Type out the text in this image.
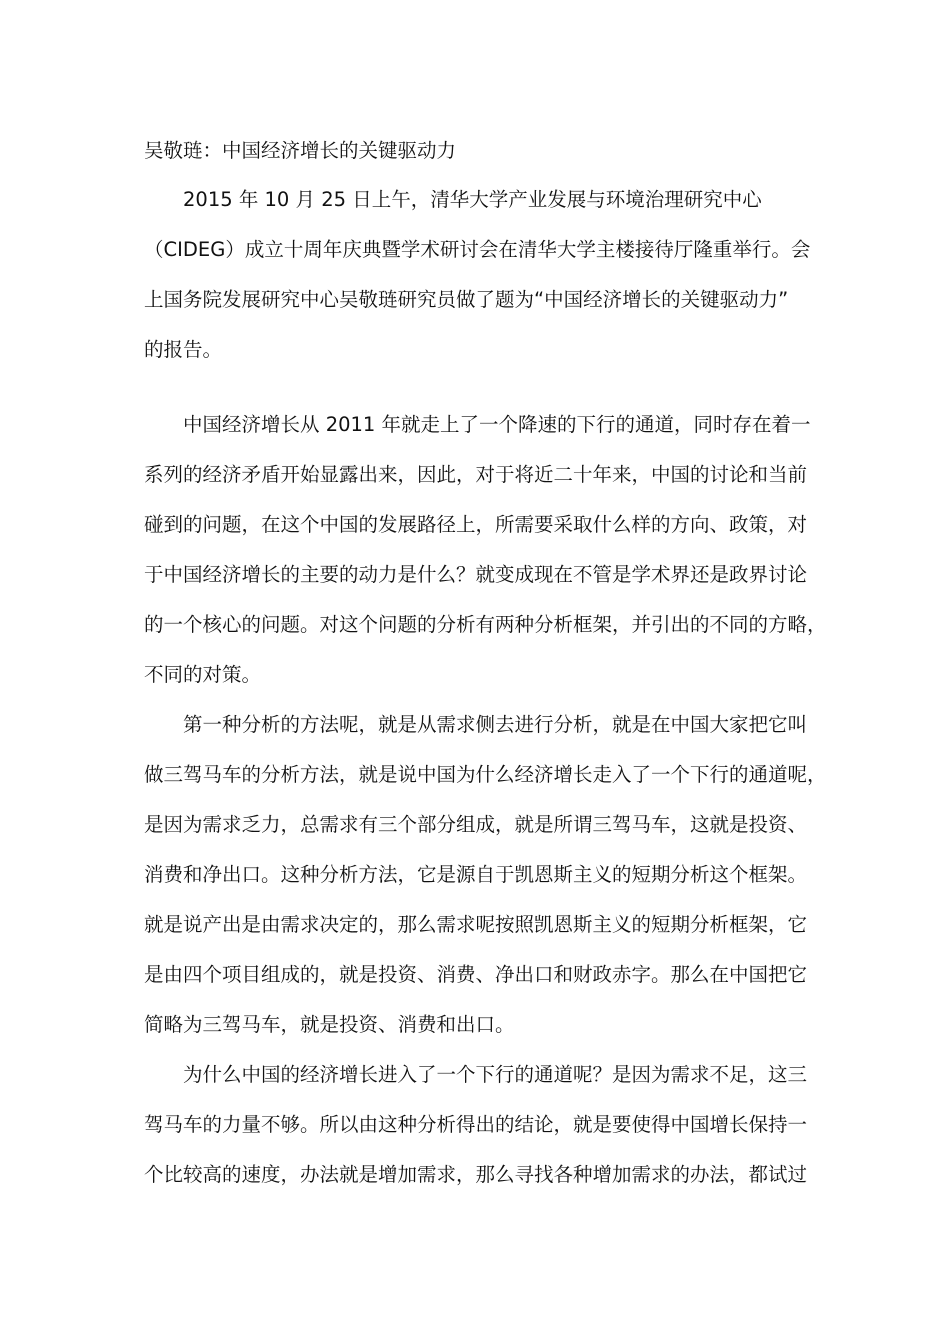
吴敬琏：中国经济增长的关键驱动力
2015 年 10 月 25 日上午，清华大学产业发展与环境治理研究中心
（CIDEG）成立十周年庆典暨学术研讨会在清华大学主楼接待厅隆重举行。会
上国务院发展研究中心吴敬琏研究员做了题为“中国经济增长的关键驱动力”
的报告。
中国经济增长从 2011 年就走上了一个降速的下行的通道，同时存在着一
系列的经济矛盾开始显露出来，因此，对于将近二十年来，中国的讨论和当前
碰到的问题，在这个中国的发展路径上，所需要采取什么样的方向、政策，对
于中国经济增长的主要的动力是什么？就变成现在不管是学术界还是政界讨论
的一个核心的问题。对这个问题的分析有两种分析框架，并引出的不同的方略，
不同的对策。
第一种分析的方法呢，就是从需求侧去进行分析，就是在中国大家把它叫
做三驾马车的分析方法，就是说中国为什么经济增长走入了一个下行的通道呢，
是因为需求乏力，总需求有三个部分组成，就是所谓三驾马车，这就是投资、
消费和净出口。这种分析方法，它是源自于凯恩斯主义的短期分析这个框架。
就是说产出是由需求决定的，那么需求呢按照凯恩斯主义的短期分析框架，它
是由四个项目组成的，就是投资、消费、净出口和财政赤字。那么在中国把它
简略为三驾马车，就是投资、消费和出口。
为什么中国的经济增长进入了一个下行的通道呢？是因为需求不足，这三
驾马车的力量不够。所以由这种分析得出的结论，就是要使得中国增长保持一
个比较高的速度，办法就是增加需求，那么寻找各种增加需求的办法，都试过
